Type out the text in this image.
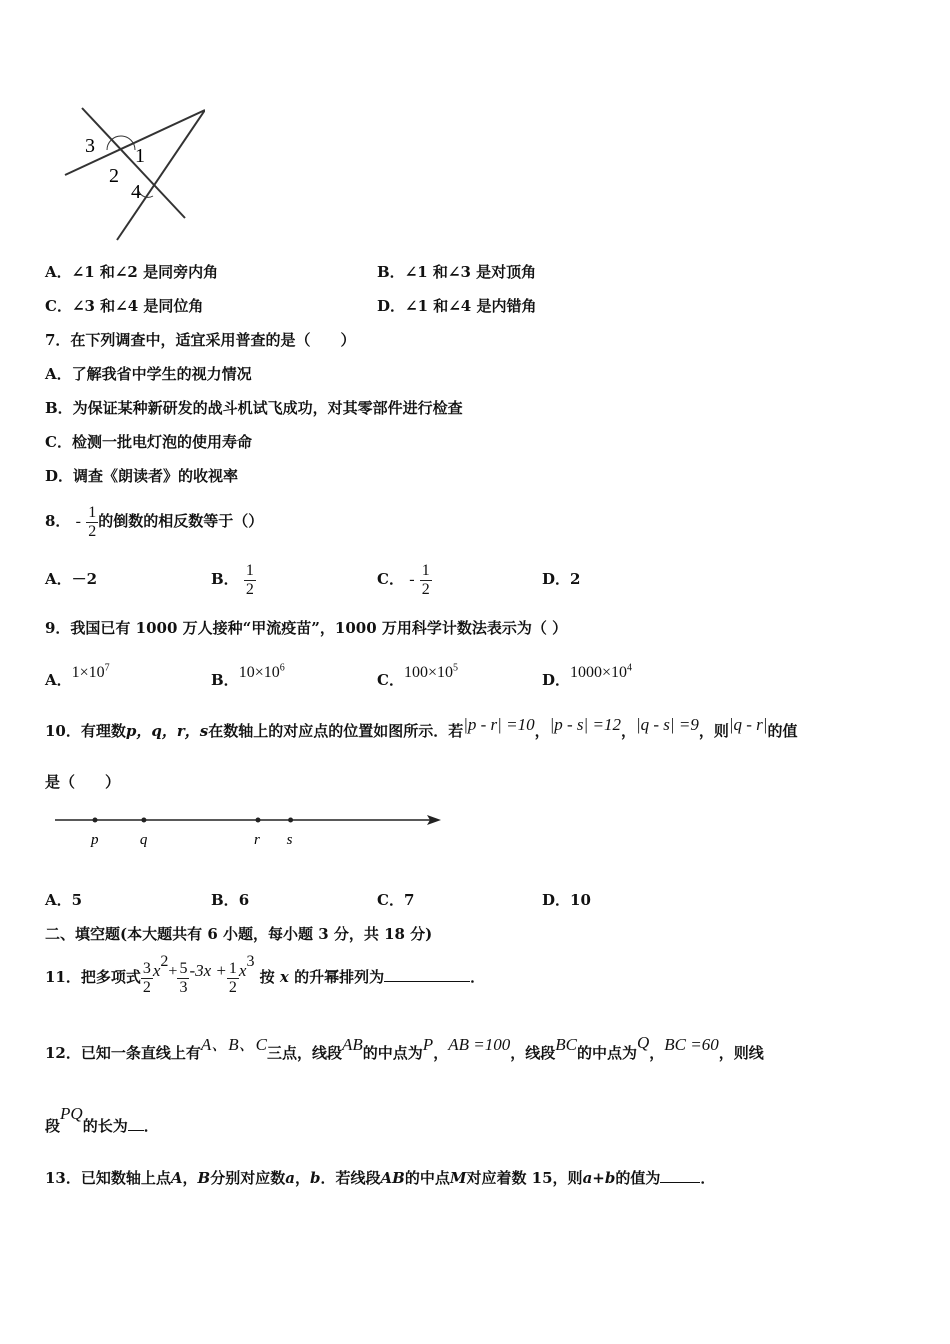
3 1
2
4
A．∠1 和∠2 是同旁内角	B．∠1 和∠3 是对顶角
C．∠3 和∠4 是同位角	D．∠1 和∠4 是内错角
7．在下列调查中，适宜采用普查的是（　　）
A．了解我省中学生的视力情况
B．为保证某种新研发的战斗机试飞成功，对其零部件进行检查
C．检测一批电灯泡的使用寿命
D．调查《朗读者》的收视率
8． - $\frac{1}{2}$ 的倒数的相反数等于（）
A．－2	B． $\frac{1}{2}$	C． - $\frac{1}{2}$	D．2
9．我国已有 1000 万人接种“甲流疫苗”，1000 万用科学计数法表示为（ ）
A．$1\times 10^7$
B．$10\times 10^6$
C．$100\times 10^5$
D．$1000\times 10^4$
10．有理数p，q，r，s在数轴上的对应点的位置如图所示．若|p - r| =10，|p - s| =12，|q - s| =9，则|q - r|的值
是（　　）
p	q	r s
A．5	B．6	C．7	D．10
二、填空题(本大题共有 6 小题，每小题 3 分，共 18 分)
11．把多项式 $\frac{3}{2} x^2+ \frac{5}{3} -3x + \frac{1}{2} x^3$ 按 x 的升幂排列为	．
12．已知一条直线上有A、B、C三点，线段AB的中点为P，AB =100，线段BC的中点为Q，BC =60，则线
段PQ的长为 ．
13．已知数轴上点A，B分别对应数a，b．若线段AB的中点M对应着数 15，则a+b的值为	．
